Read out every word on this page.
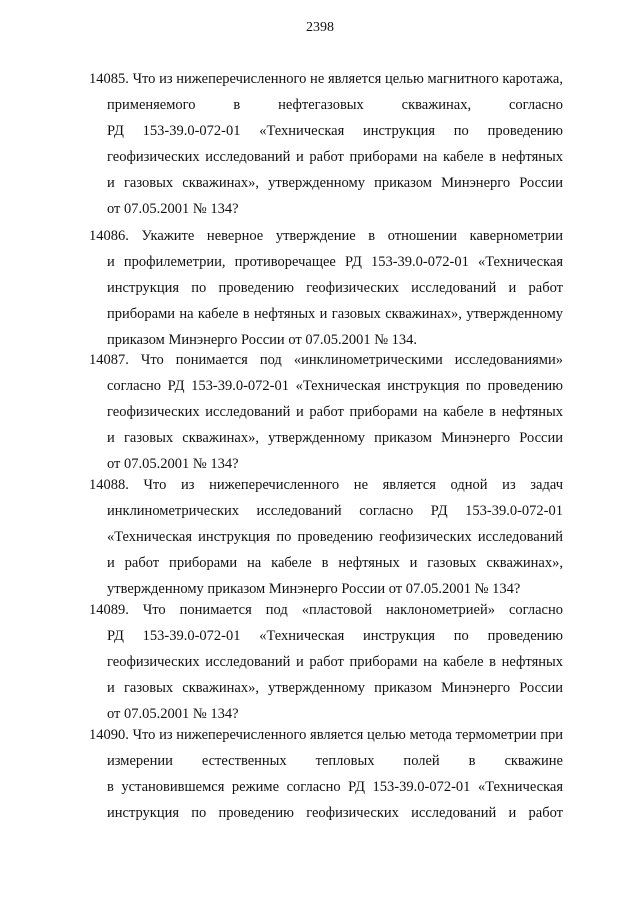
2398
14085. Что из нижеперечисленного не является целью магнитного каротажа,
применяемого в нефтегазовых скважинах, согласно
РД 153-39.0-072-01 «Техническая инструкция по проведению
геофизических исследований и работ приборами на кабеле в нефтяных
и газовых скважинах», утвержденному приказом Минэнерго России
от 07.05.2001 № 134?
14086. Укажите неверное утверждение в отношении кавернометрии
и профилеметрии, противоречащее РД 153-39.0-072-01 «Техническая
инструкция по проведению геофизических исследований и работ
приборами на кабеле в нефтяных и газовых скважинах», утвержденному
приказом Минэнерго России от 07.05.2001 № 134.
14087. Что понимается под «инклинометрическими исследованиями»
согласно РД 153-39.0-072-01 «Техническая инструкция по проведению
геофизических исследований и работ приборами на кабеле в нефтяных
и газовых скважинах», утвержденному приказом Минэнерго России
от 07.05.2001 № 134?
14088. Что из нижеперечисленного не является одной из задач
инклинометрических исследований согласно РД 153-39.0-072-01
«Техническая инструкция по проведению геофизических исследований
и работ приборами на кабеле в нефтяных и газовых скважинах»,
утвержденному приказом Минэнерго России от 07.05.2001 № 134?
14089. Что понимается под «пластовой наклонометрией» согласно
РД 153-39.0-072-01 «Техническая инструкция по проведению
геофизических исследований и работ приборами на кабеле в нефтяных
и газовых скважинах», утвержденному приказом Минэнерго России
от 07.05.2001 № 134?
14090. Что из нижеперечисленного является целью метода термометрии при
измерении естественных тепловых полей в скважине
в установившемся режиме согласно РД 153-39.0-072-01 «Техническая
инструкция по проведению геофизических исследований и работ
